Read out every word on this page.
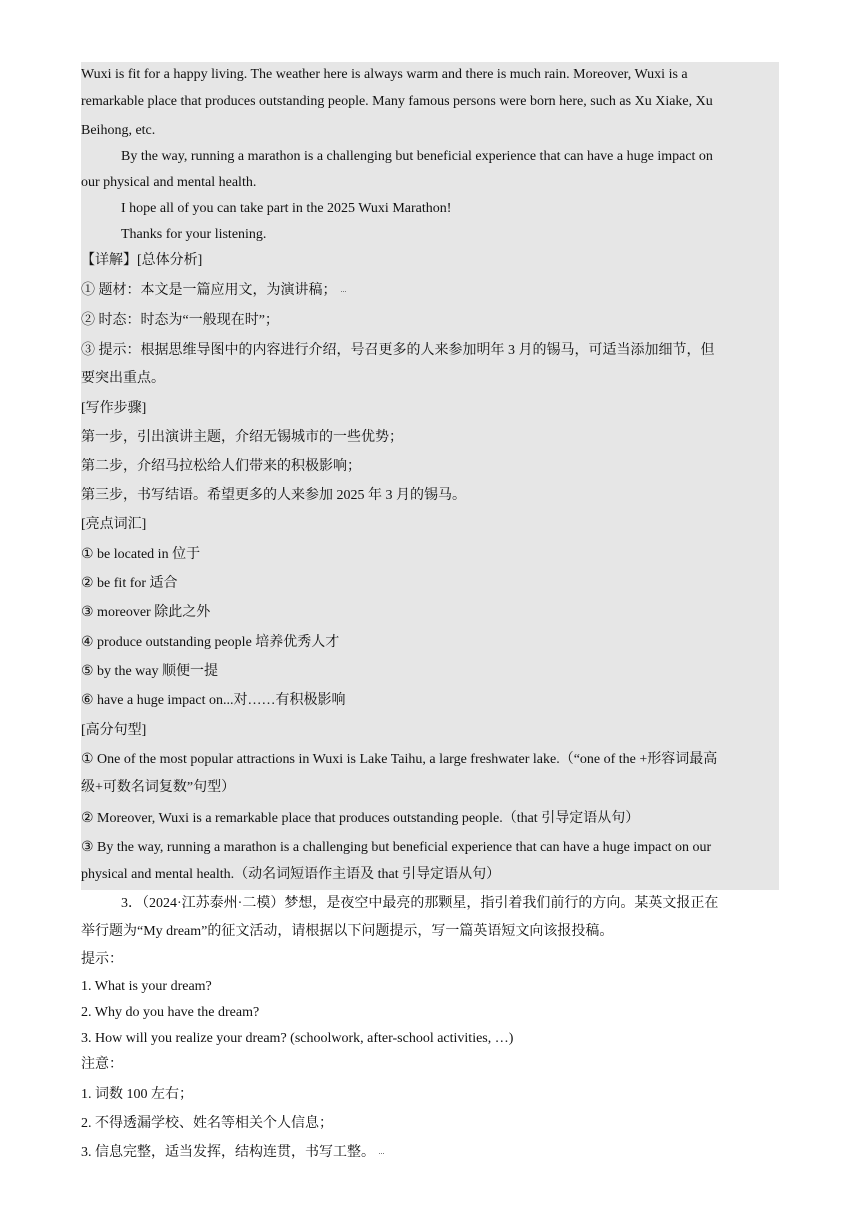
Wuxi is fit for a happy living. The weather here is always warm and there is much rain. Moreover, Wuxi is a
remarkable place that produces outstanding people. Many famous persons were born here, such as Xu Xiake, Xu
Beihong, etc.
By the way, running a marathon is a challenging but beneficial experience that can have a huge impact on
our physical and mental health.
I hope all of you can take part in the 2025 Wuxi Marathon!
Thanks for your listening.
【详解】[总体分析]
① 题材：本文是一篇应用文，为演讲稿；
② 时态：时态为“一般现在时”；
③ 提示：根据思维导图中的内容进行介绍，号召更多的人来参加明年 3 月的锡马，可适当添加细节，但
要突出重点。
[写作步骤]
第一步，引出演讲主题，介绍无锡城市的一些优势；
第二步，介绍马拉松给人们带来的积极影响；
第三步，书写结语。希望更多的人来参加 2025 年 3 月的锡马。
[亮点词汇]
① be located in 位于
② be fit for 适合
③ moreover 除此之外
④ produce outstanding people 培养优秀人才
⑤ by the way 顺便一提
⑥ have a huge impact on...对……有积极影响
[高分句型]
① One of the most popular attractions in Wuxi is Lake Taihu, a large freshwater lake.（“one of the +形容词最高
级+可数名词复数”句型）
② Moreover, Wuxi is a remarkable place that produces outstanding people.（that 引导定语从句）
③ By the way, running a marathon is a challenging but beneficial experience that can have a huge impact on our
physical and mental health.（动名词短语作主语及 that 引导定语从句）
3．（2024·江苏泰州·二模）梦想，是夜空中最亮的那颗星，指引着我们前行的方向。某英文报正在
举行题为“My dream”的征文活动，请根据以下问题提示，写一篇英语短文向该报投稿。
提示：
1. What is your dream?
2. Why do you have the dream?
3. How will you realize your dream? (schoolwork, after-school activities, …)
注意：
1. 词数 100 左右；
2. 不得透漏学校、姓名等相关个人信息；
3. 信息完整，适当发挥，结构连贯，书写工整。
